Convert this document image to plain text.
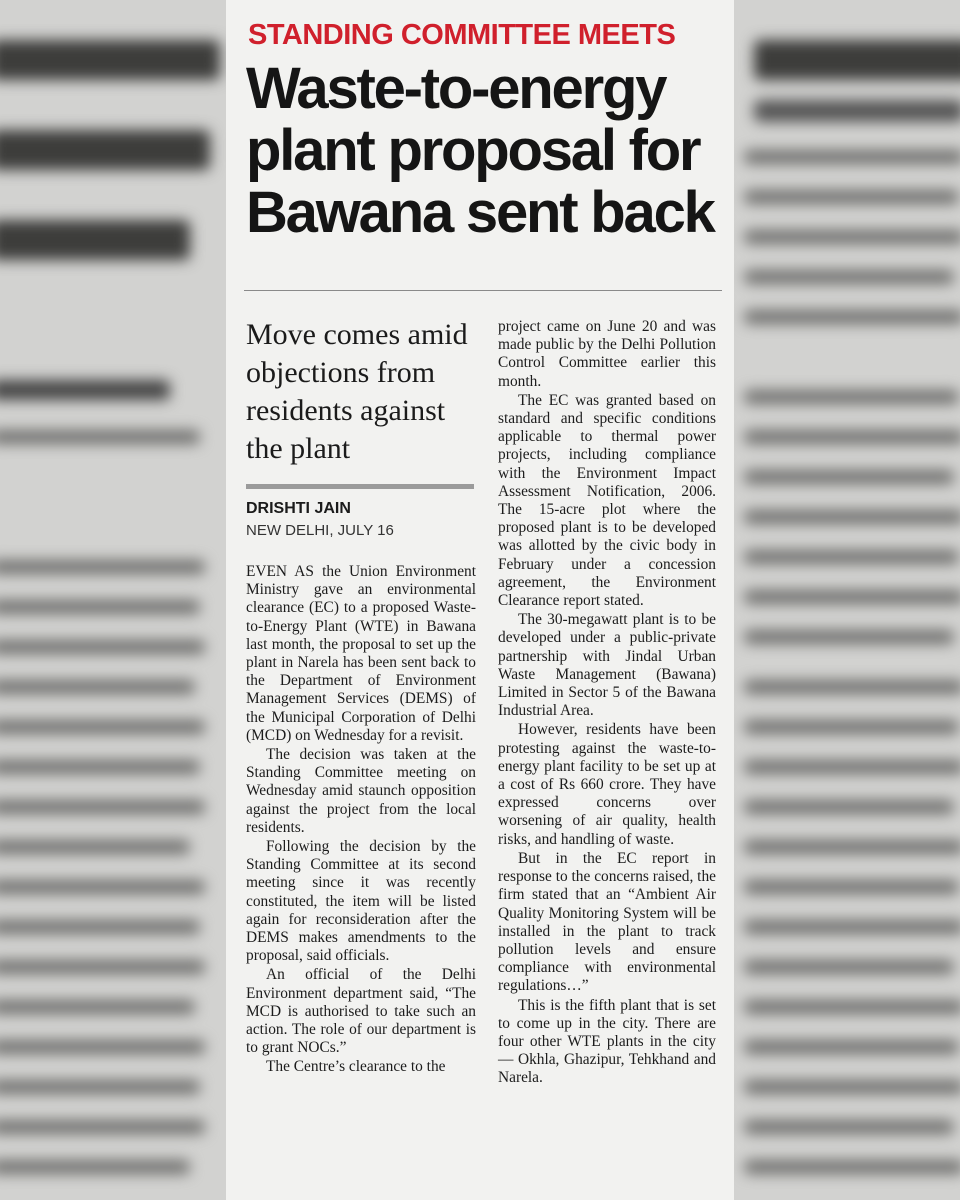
STANDING COMMITTEE MEETS
Waste-to-energy
plant proposal for
Bawana sent back
Move comes amid objections from residents against the plant
DRISHTI JAIN
NEW DELHI, JULY 16

EVEN AS the Union Environment Ministry gave an environmental clearance (EC) to a proposed Waste-to-Energy Plant (WTE) in Bawana last month, the proposal to set up the plant in Narela has been sent back to the Department of Environment Management Services (DEMS) of the Municipal Corporation of Delhi (MCD) on Wednesday for a revisit.

The decision was taken at the Standing Committee meeting on Wednesday amid staunch opposition against the project from the local residents.

Following the decision by the Standing Committee at its second meeting since it was recently constituted, the item will be listed again for reconsideration after the DEMS makes amendments to the proposal, said officials.

An official of the Delhi Environment department said, “The MCD is authorised to take such an action. The role of our department is to grant NOCs.”

The Centre’s clearance to the

project came on June 20 and was made public by the Delhi Pollution Control Committee earlier this month.

The EC was granted based on standard and specific conditions applicable to thermal power projects, including compliance with the Environment Impact Assessment Notification, 2006. The 15-acre plot where the proposed plant is to be developed was allotted by the civic body in February under a concession agreement, the Environment Clearance report stated.

The 30-megawatt plant is to be developed under a public-private partnership with Jindal Urban Waste Management (Bawana) Limited in Sector 5 of the Bawana Industrial Area.

However, residents have been protesting against the waste-to-energy plant facility to be set up at a cost of Rs 660 crore. They have expressed concerns over worsening of air quality, health risks, and handling of waste.

But in the EC report in response to the concerns raised, the firm stated that an “Ambient Air Quality Monitoring System will be installed in the plant to track pollution levels and ensure compliance with environmental regulations…”

This is the fifth plant that is set to come up in the city. There are four other WTE plants in the city — Okhla, Ghazipur, Tehkhand and Narela.
